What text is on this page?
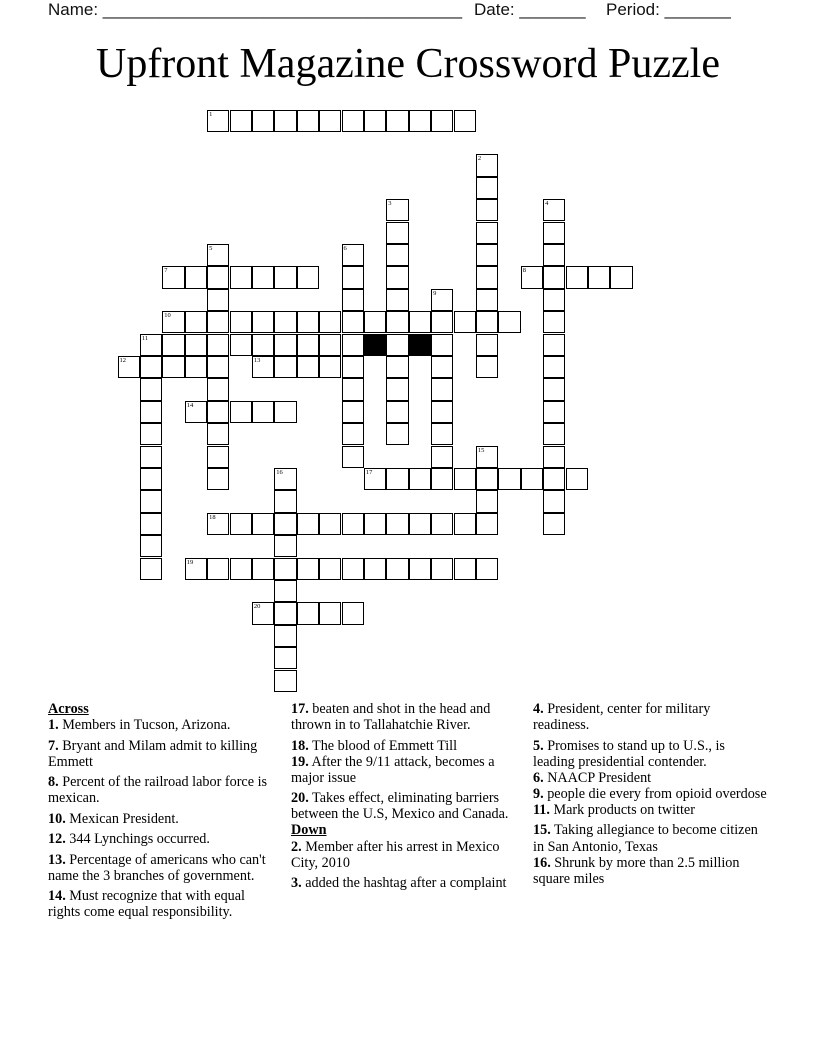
Name: ______________________________________

Date: _______

Period: _______

Upfront Magazine Crossword Puzzle
1
2
3	4
5	6
7	8
9
10
11
12	13
14
15
16	17
18
19
20
Across
1. Members in Tucson, Arizona.
7. Bryant and Milam admit to killing Emmett
8. Percent of the railroad labor force is mexican.
10. Mexican President.
12. 344 Lynchings occurred.
13. Percentage of americans who can't name the 3 branches of government.
14. Must recognize that with equal rights come equal responsibility.
17. beaten and shot in the head and thrown in to Tallahatchie River.
18. The blood of Emmett Till
19. After the 9/11 attack, becomes a major issue
20. Takes effect, eliminating barriers between the U.S, Mexico and Canada.
Down
2. Member after his arrest in Mexico City, 2010
3. added the hashtag after a complaint
4. President, center for military readiness.
5. Promises to stand up to U.S., is leading presidential contender.
6. NAACP President
9. people die every from opioid overdose
11. Mark products on twitter
15. Taking allegiance to become citizen in San Antonio, Texas
16. Shrunk by more than 2.5 million square miles
